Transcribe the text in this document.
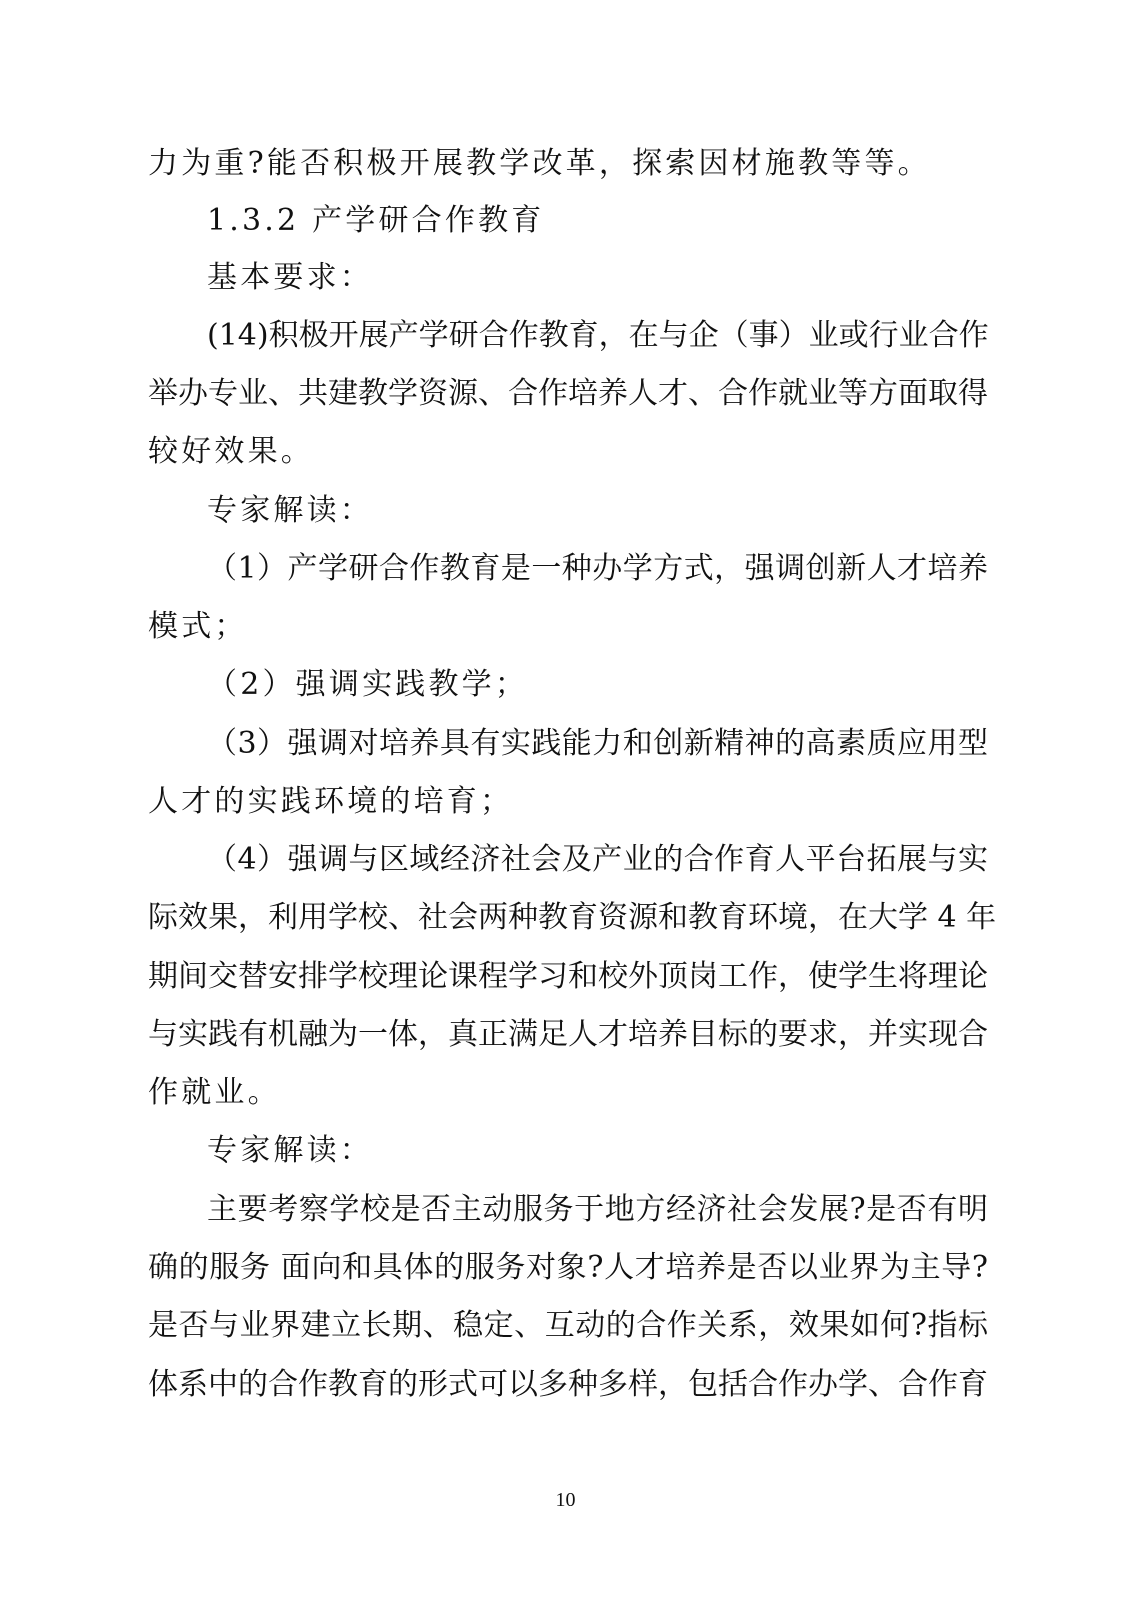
力为重?能否积极开展教学改革，探索因材施教等等。
1.3.2 产学研合作教育
基本要求：
(14)积极开展产学研合作教育，在与企（事）业或行业合作
举办专业、共建教学资源、合作培养人才、合作就业等方面取得
较好效果。
专家解读：
（1）产学研合作教育是一种办学方式，强调创新人才培养
模式；
（2）强调实践教学；
（3）强调对培养具有实践能力和创新精神的高素质应用型
人才的实践环境的培育；
（4）强调与区域经济社会及产业的合作育人平台拓展与实
际效果，利用学校、社会两种教育资源和教育环境，在大学 4 年
期间交替安排学校理论课程学习和校外顶岗工作，使学生将理论
与实践有机融为一体，真正满足人才培养目标的要求，并实现合
作就业。
专家解读：
主要考察学校是否主动服务于地方经济社会发展?是否有明
确的服务 面向和具体的服务对象?人才培养是否以业界为主导?
是否与业界建立长期、稳定、互动的合作关系，效果如何?指标
体系中的合作教育的形式可以多种多样，包括合作办学、合作育
10
